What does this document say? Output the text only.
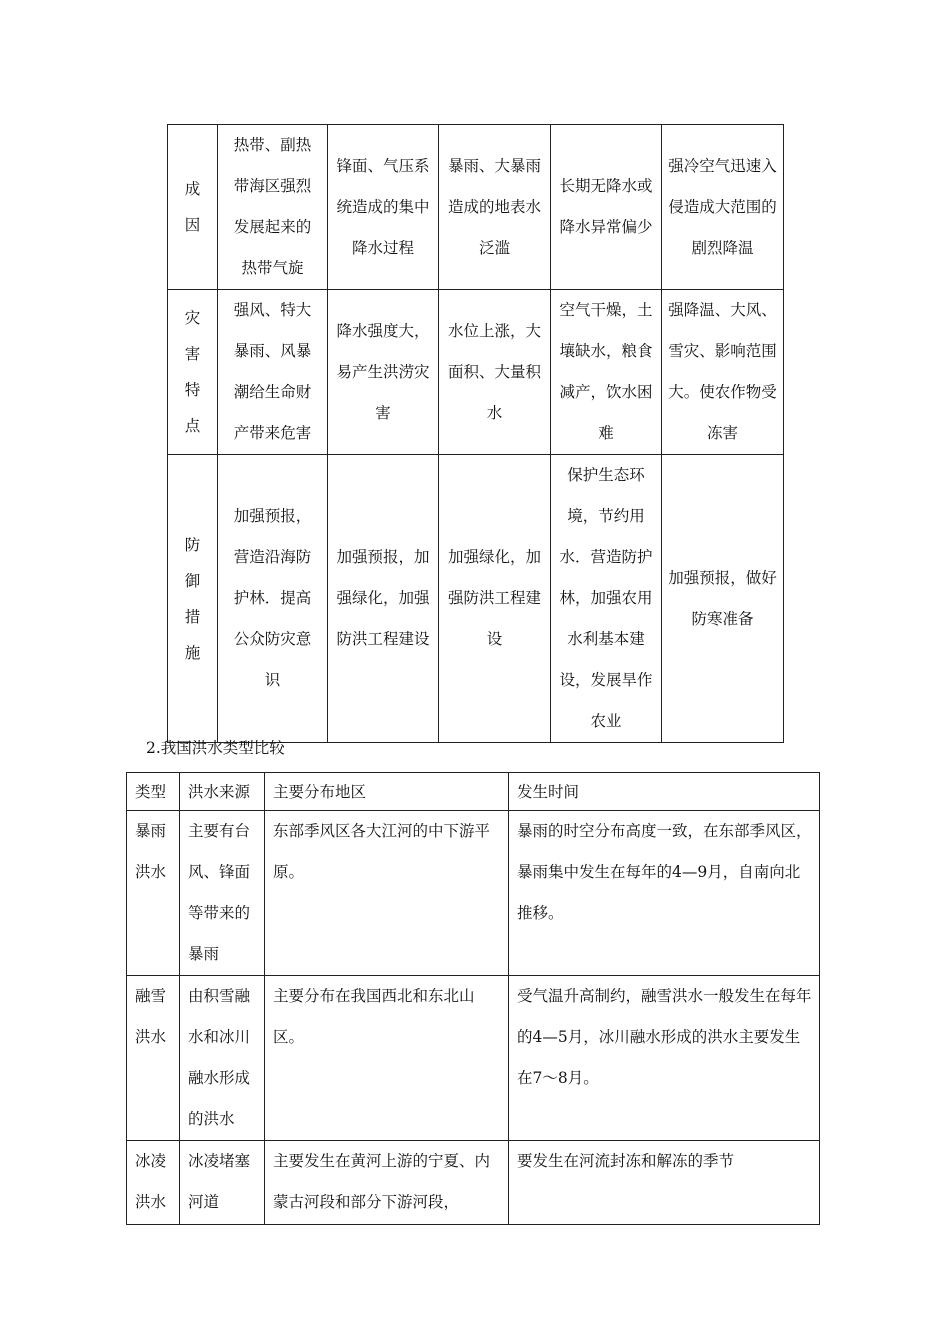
成因	热带、副热带海区强烈发展起来的热带气旋	锋面、气压系统造成的集中降水过程	暴雨、大暴雨造成的地表水泛滥	长期无降水或降水异常偏少	强冷空气迅速入侵造成大范围的剧烈降温
灾害特点	强风、特大暴雨、风暴潮给生命财产带来危害	降水强度大，易产生洪涝灾害	水位上涨，大面积、大量积水	空气干燥，土壤缺水，粮食减产，饮水困难	强降温、大风、雪灾、影响范围大。使农作物受冻害
防御措施	加强预报，营造沿海防护林．提高公众防灾意识	加强预报，加强绿化，加强防洪工程建设	加强绿化，加强防洪工程建设	保护生态环境，节约用水．营造防护林，加强农用水利基本建设，发展旱作农业	加强预报，做好防寒准备
2.我国洪水类型比较
类型	洪水来源	主要分布地区	发生时间
暴雨洪水	主要有台风、锋面等带来的暴雨	东部季风区各大江河的中下游平原。	暴雨的时空分布高度一致，在东部季风区，暴雨集中发生在每年的4—9月，自南向北推移。
融雪洪水	由积雪融水和冰川融水形成的洪水	主要分布在我国西北和东北山区。	受气温升高制约，融雪洪水一般发生在每年的4—5月，冰川融水形成的洪水主要发生在7～8月。
冰凌洪水	冰凌堵塞河道	主要发生在黄河上游的宁夏、内蒙古河段和部分下游河段，	要发生在河流封冻和解冻的季节
